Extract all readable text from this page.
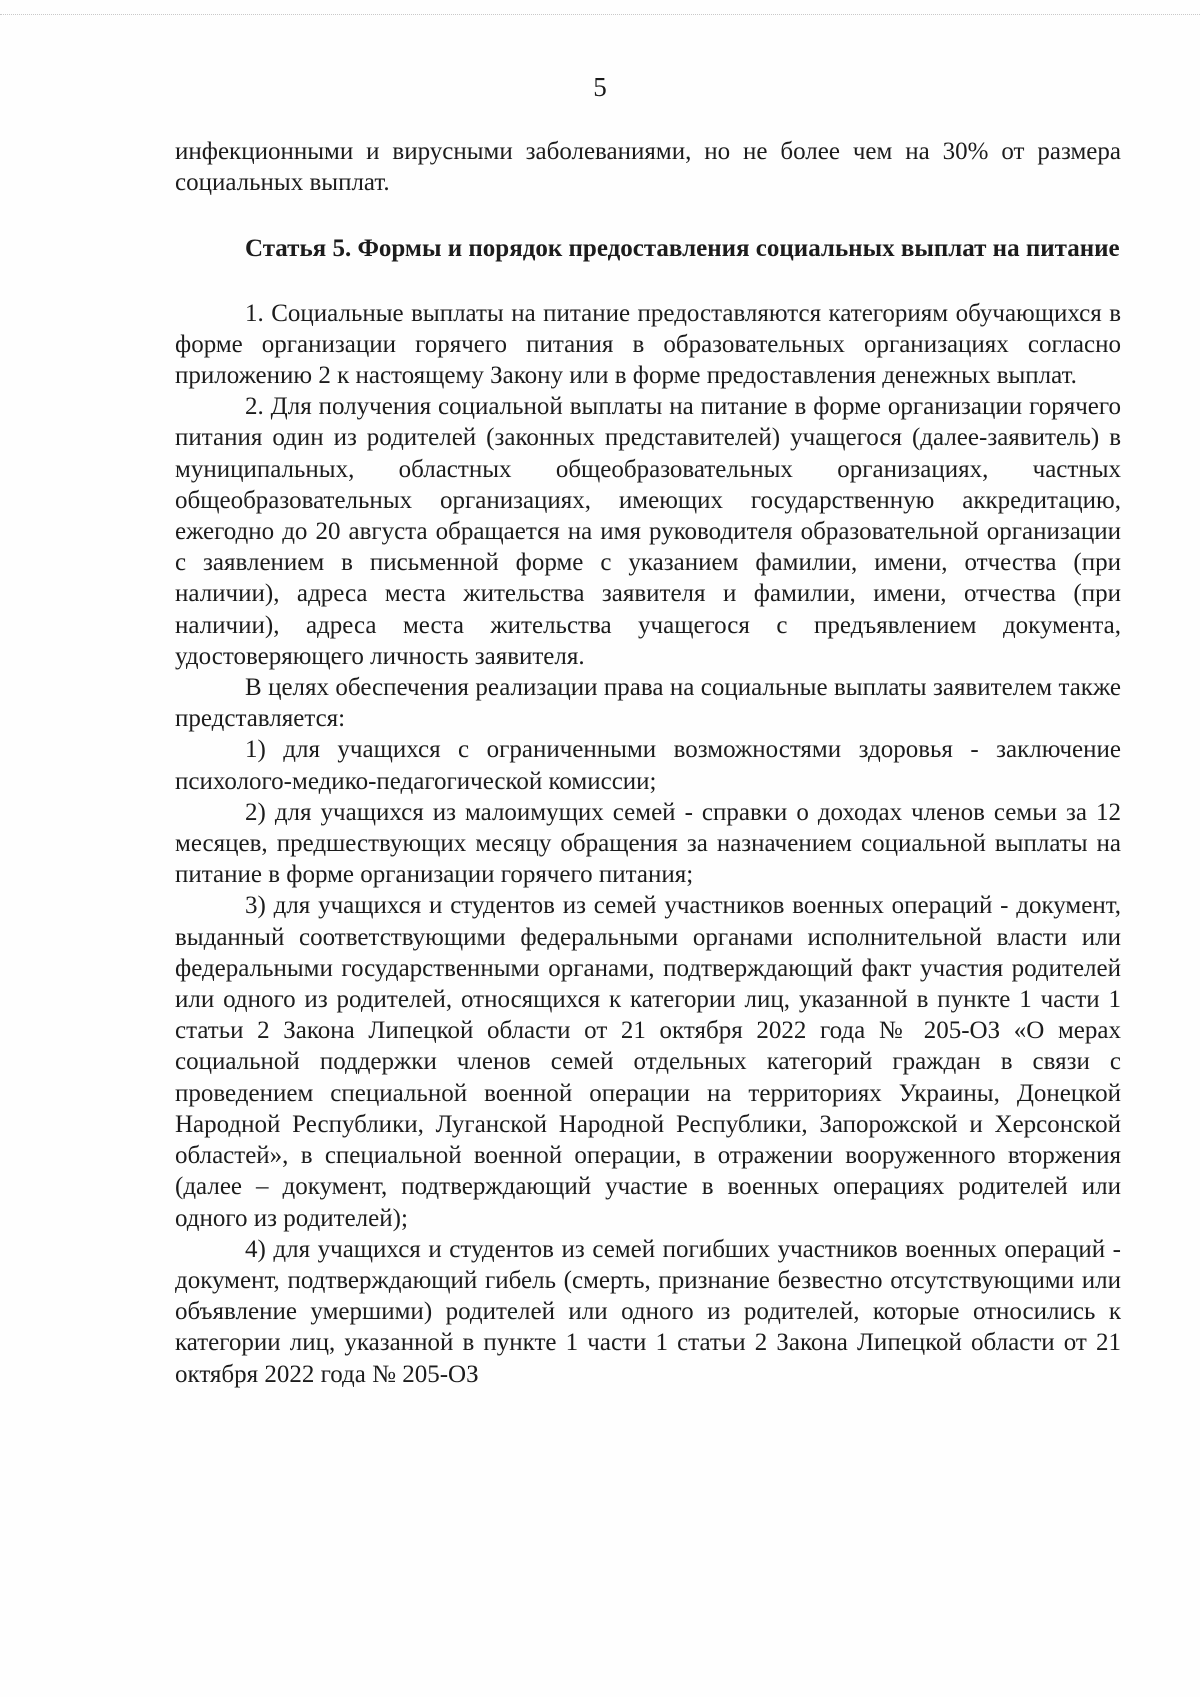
5

инфекционными и вирусными заболеваниями, но не более чем на 30% от размера социальных выплат.

Статья 5. Формы и порядок предоставления социальных выплат на питание

1. Социальные выплаты на питание предоставляются категориям обучающихся в форме организации горячего питания в образовательных организациях согласно приложению 2 к настоящему Закону или в форме предоставления денежных выплат.

2. Для получения социальной выплаты на питание в форме организации горячего питания один из родителей (законных представителей) учащегося (далее-заявитель) в муниципальных, областных общеобразовательных организациях, частных общеобразовательных организациях, имеющих государственную аккредитацию, ежегодно до 20 августа обращается на имя руководителя образовательной организации с заявлением в письменной форме с указанием фамилии, имени, отчества (при наличии), адреса места жительства заявителя и фамилии, имени, отчества (при наличии), адреса места жительства учащегося с предъявлением документа, удостоверяющего личность заявителя.

В целях обеспечения реализации права на социальные выплаты заявителем также представляется:

1) для учащихся с ограниченными возможностями здоровья - заключение психолого-медико-педагогической комиссии;

2) для учащихся из малоимущих семей - справки о доходах членов семьи за 12 месяцев, предшествующих месяцу обращения за назначением социальной выплаты на питание в форме организации горячего питания;

3) для учащихся и студентов из семей участников военных операций - документ, выданный соответствующими федеральными органами исполнительной власти или федеральными государственными органами, подтверждающий факт участия родителей или одного из родителей, относящихся к категории лиц, указанной в пункте 1 части 1 статьи 2 Закона Липецкой области от 21 октября 2022 года № 205-ОЗ «О мерах социальной поддержки членов семей отдельных категорий граждан в связи с проведением специальной военной операции на территориях Украины, Донецкой Народной Республики, Луганской Народной Республики, Запорожской и Херсонской областей», в специальной военной операции, в отражении вооруженного вторжения (далее – документ, подтверждающий участие в военных операциях родителей или одного из родителей);

4) для учащихся и студентов из семей погибших участников военных операций - документ, подтверждающий гибель (смерть, признание безвестно отсутствующими или объявление умершими) родителей или одного из родителей, которые относились к категории лиц, указанной в пункте 1 части 1 статьи 2 Закона Липецкой области от 21 октября 2022 года № 205-ОЗ
